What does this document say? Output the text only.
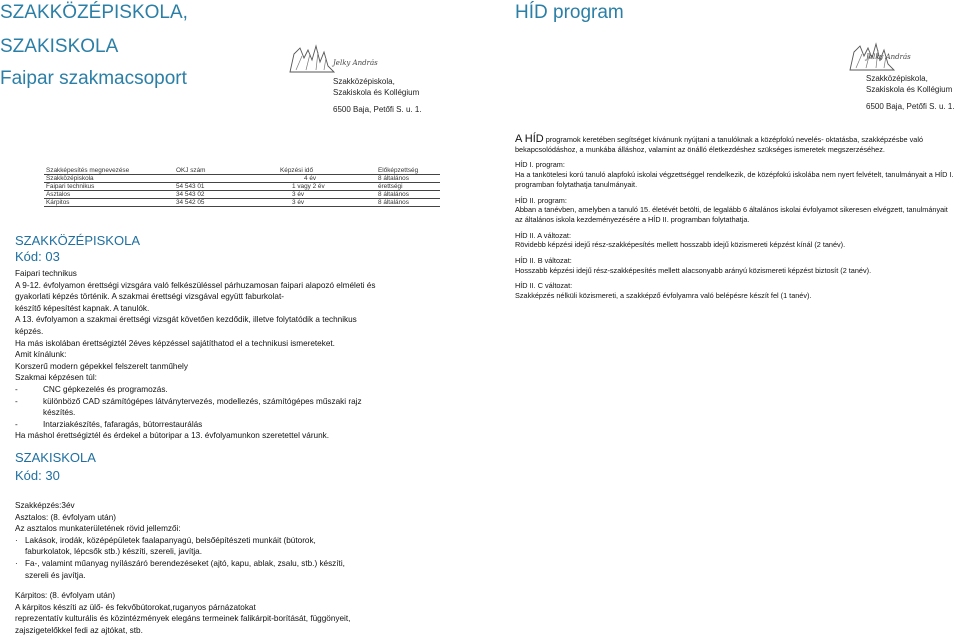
SZAKKÖZÉPISKOLA,
SZAKISKOLA
Faipar szakmacsoport
Jelky András
Szakközépiskola,
Szakiskola és Kollégium
6500 Baja, Petőfi S. u. 1.
Szakképesítés megnevezése	OKJ szám	Képzési idő	Előképzettség
Szakközépiskola		4 év	8 általános
Faipari technikus	54 543 01	1 vagy 2 év	érettségi
Asztalos	34 543 02	3 év	8 általános
Kárpitos	34 542 05	3 év	8 általános
SZAKKÖZÉPISKOLA
Kód: 03

Faipari technikus

A 9-12. évfolyamon érettségi vizsgára való felkészüléssel párhuzamosan faipari alapozó elméleti és

gyakorlati képzés történik. A szakmai érettségi vizsgával együtt faburkolat-

készítő képesítést kapnak. A tanulók.

A 13. évfolyamon a szakmai érettségi vizsgát követően kezdődik, illetve folytatódik a technikus

képzés.

Ha más iskolában érettségiztél 2éves képzéssel sajátíthatod el a technikusi ismereteket.

Amit kínálunk:

Korszerű modern gépekkel felszerelt tanműhely

Szakmai képzésen túl:

-	CNC gépkezelés és programozás.
-	különböző CAD számítógépes látványtervezés, modellezés, számítógépes műszaki rajz
készítés.
-	Intarziakészítés, fafaragás, bútorrestaurálás

Ha máshol érettségiztél és érdekel a bútoripar a 13. évfolyamunkon szeretettel várunk.

SZAKISKOLA
Kód: 30

Szakképzés:3év

Asztalos: (8. évfolyam után)

Az asztalos munkaterületének rövid jellemzői:

· Lakások, irodák, középépületek faalapanyagú, belsőépítészeti munkáit (bútorok,
faburkolatok, lépcsők stb.) készíti, szereli, javítja.
· Fa-, valamint műanyag nyílászáró berendezéseket (ajtó, kapu, ablak, zsalu, stb.) készíti,
szereli és javítja.

Kárpitos: (8. évfolyam után)

A kárpitos készíti az ülő- és fekvőbútorokat,ruganyos párnázatokat

reprezentatív kulturális és közintézmények elegáns termeinek falikárpit-borítását, függönyeit,

zajszigetelőkkel fedi az ajtókat, stb.

HÍD program
Jelky András
Szakközépiskola,
Szakiskola és Kollégium
6500 Baja, Petőfi S. u. 1.

A HÍD programok keretében segítséget kívánunk nyújtani a tanulóknak a középfokú nevelés- oktatásba, szakképzésbe való bekapcsolódáshoz, a munkába álláshoz, valamint az önálló életkezdéshez szükséges ismeretek megszerzéséhez.

HÍD I. program:

Ha a tankötelesi korú tanuló alapfokú iskolai végzettséggel rendelkezik, de középfokú iskolába nem nyert felvételt, tanulmányait a HÍD I. programban folytathatja tanulmányait.

HÍD II. program:

Abban a tanévben, amelyben a tanuló 15. életévét betölti, de legalább 6 általános iskolai évfolyamot sikeresen elvégzett, tanulmányait az általános iskola kezdeményezésére a HÍD II. programban folytathatja.

HÍD II. A változat:

Rövidebb képzési idejű rész-szakképesítés mellett hosszabb idejű közismereti képzést kínál (2 tanév).

HÍD II. B változat:

Hosszabb képzési idejű rész-szakképesítés mellett alacsonyabb arányú közismereti képzést biztosít (2 tanév).

HÍD II. C változat:

Szakképzés nélküli közismereti, a szakképző évfolyamra való belépésre készít fel (1 tanév).
